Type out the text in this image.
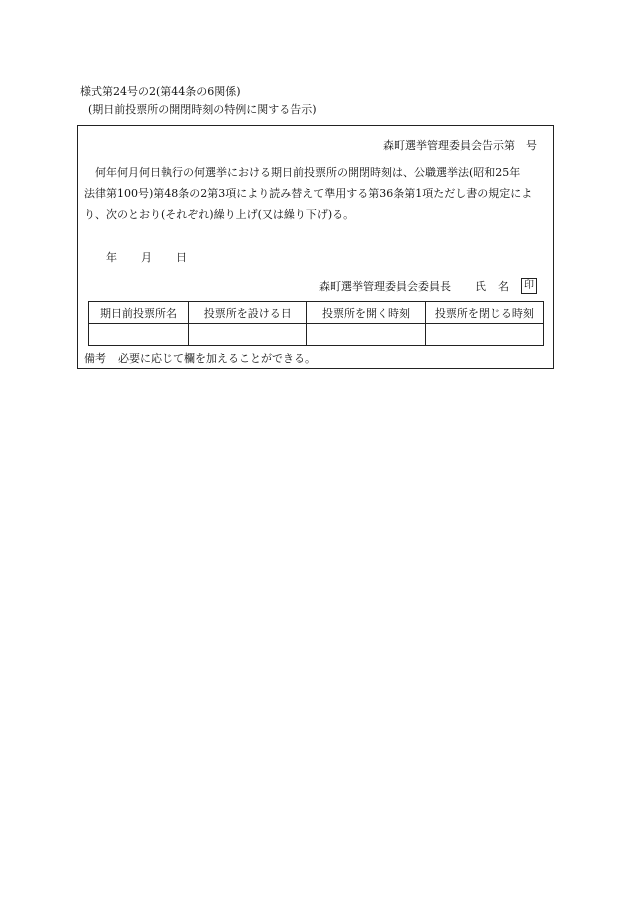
様式第24号の2(第44条の6関係)
(期日前投票所の開閉時刻の特例に関する告示)
森町選挙管理委員会告示第　号

　何年何月何日執行の何選挙における期日前投票所の開閉時刻は、公職選挙法(昭和25年
法律第100号)第48条の2第3項により読み替えて準用する第36条第1項ただし書の規定によ
り、次のとおり(それぞれ)繰り上げ(又は繰り下げ)る。

年 月 日
森町選挙管理委員会委員長 氏名 印
期日前投票所名	投票所を設ける日	投票所を開く時刻	投票所を閉じる時刻

備考 必要に応じて欄を加えることができる。
